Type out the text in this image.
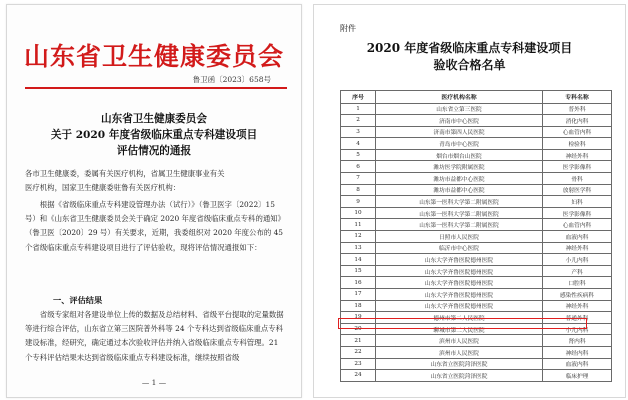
山东省卫生健康委员会
鲁卫函〔2023〕658号
山东省卫生健康委员会
关于 2020 年度省级临床重点专科建设项目
评估情况的通报
各市卫生健康委，委属有关医疗机构，省属卫生健康事业有关
医疗机构，国家卫生健康委驻鲁有关医疗机构：
根据《省级临床重点专科建设管理办法（试行）》（鲁卫医字〔2022〕15 号）和《山东省卫生健康委员会关于确定 2020 年度省级临床重点专科的通知》（鲁卫医〔2020〕29 号）有关要求，近期，我委组织对 2020 年度公布的 45 个省级临床重点专科建设项目进行了评估验收，现将评估情况通报如下：
一、评估结果
省级专家组对各建设单位上传的数据及总结材料、省级平台提取的定量数据等进行综合评估，山东省立第三医院普外科等 24 个专科达到省级临床重点专科建设标准，经研究，确定通过本次验收评估并纳入省级临床重点专科管理。21 个专科评估结果未达到省级临床重点专科建设标准，继续按照省级
— 1 —
附件
2020 年度省级临床重点专科建设项目
验收合格名单
序号	医疗机构名称	专科名称
1	山东省立第三医院	普外科
2	济南市中心医院	消化内科
3	济南市第四人民医院	心血管内科
4	青岛市中心医院	检验科
5	烟台市烟台山医院	神经外科
6	潍坊医学院附属医院	医学影像科
7	潍坊市益都中心医院	骨科
8	潍坊市益都中心医院	放射医学科
9	山东第一医科大学第二附属医院	妇科
10	山东第一医科大学第二附属医院	医学影像科
11	山东第一医科大学第二附属医院	心血管内科
12	日照市人民医院	血液内科
13	临沂市中心医院	神经外科
14	山东大学齐鲁医院德州医院	小儿内科
15	山东大学齐鲁医院德州医院	产科
16	山东大学齐鲁医院德州医院	口腔科
17	山东大学齐鲁医院德州医院	感染性疾病科
18	山东大学齐鲁医院德州医院	神经外科
19	德州市第二人民医院	普通外科
20	聊城市第二人民医院	小儿内科
21	滨州市人民医院	肾内科
22	滨州市人民医院	神经内科
23	山东省立医院菏泽医院	血液内科
24	山东省立医院菏泽医院	临床护理
